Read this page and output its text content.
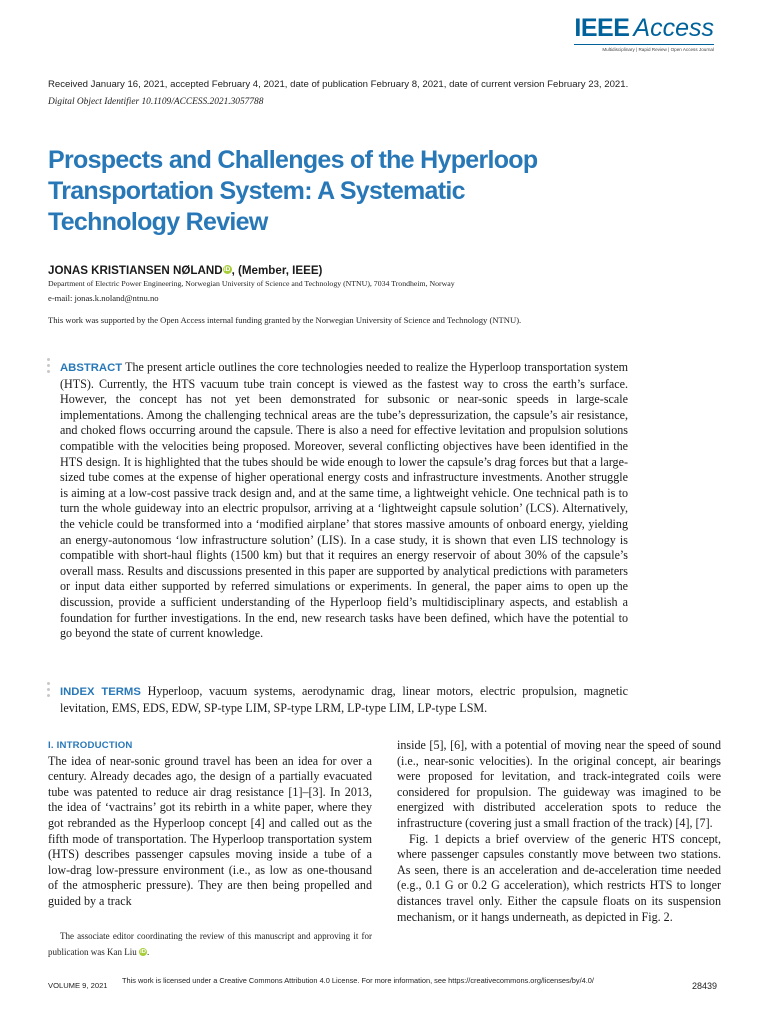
IEEE Access
Multidisciplinary | Rapid Review | Open Access Journal
Received January 16, 2021, accepted February 4, 2021, date of publication February 8, 2021, date of current version February 23, 2021.
Digital Object Identifier 10.1109/ACCESS.2021.3057788
Prospects and Challenges of the Hyperloop
Transportation System: A Systematic
Technology Review
JONAS KRISTIANSEN NØLANDiD, (Member, IEEE)
Department of Electric Power Engineering, Norwegian University of Science and Technology (NTNU), 7034 Trondheim, Norway
e-mail: jonas.k.noland@ntnu.no
This work was supported by the Open Access internal funding granted by the Norwegian University of Science and Technology (NTNU).
ABSTRACT The present article outlines the core technologies needed to realize the Hyperloop transportation system (HTS). Currently, the HTS vacuum tube train concept is viewed as the fastest way to cross the earth’s surface. However, the concept has not yet been demonstrated for subsonic or near-sonic speeds in large-scale implementations. Among the challenging technical areas are the tube’s depressurization, the capsule’s air resistance, and choked flows occurring around the capsule. There is also a need for effective levitation and propulsion solutions compatible with the velocities being proposed. Moreover, several conflicting objectives have been identified in the HTS design. It is highlighted that the tubes should be wide enough to lower the capsule’s drag forces but that a large-sized tube comes at the expense of higher operational energy costs and infrastructure investments. Another struggle is aiming at a low-cost passive track design and, and at the same time, a lightweight vehicle. One technical path is to turn the whole guideway into an electric propulsor, arriving at a ‘lightweight capsule solution’ (LCS). Alternatively, the vehicle could be transformed into a ‘modified airplane’ that stores massive amounts of onboard energy, yielding an energy-autonomous ‘low infrastructure solution’ (LIS). In a case study, it is shown that even LIS technology is compatible with short-haul flights (1500 km) but that it requires an energy reservoir of about 30% of the capsule’s overall mass. Results and discussions presented in this paper are supported by analytical predictions with parameters or input data either supported by referred simulations or experiments. In general, the paper aims to open up the discussion, provide a sufficient understanding of the Hyperloop field’s multidisciplinary aspects, and establish a foundation for further investigations. In the end, new research tasks have been defined, which have the potential to go beyond the state of current knowledge.
INDEX TERMS Hyperloop, vacuum systems, aerodynamic drag, linear motors, electric propulsion, magnetic levitation, EMS, EDS, EDW, SP-type LIM, SP-type LRM, LP-type LIM, LP-type LSM.
I. INTRODUCTION
The idea of near-sonic ground travel has been an idea for over a century. Already decades ago, the design of a partially evacuated tube was patented to reduce air drag resistance [1]–[3]. In 2013, the idea of ‘vactrains’ got its rebirth in a white paper, where they got rebranded as the Hyperloop concept [4] and called out as the fifth mode of transportation. The Hyperloop transportation system (HTS) describes passenger capsules moving inside a tube of a low-drag low-pressure environment (i.e., as low as one-thousand of the atmospheric pressure). They are then being propelled and guided by a track
inside [5], [6], with a potential of moving near the speed of sound (i.e., near-sonic velocities). In the original concept, air bearings were proposed for levitation, and track-integrated coils were considered for propulsion. The guideway was imagined to be energized with distributed acceleration spots to reduce the infrastructure (covering just a small fraction of the track) [4], [7].
Fig. 1 depicts a brief overview of the generic HTS concept, where passenger capsules constantly move between two stations. As seen, there is an acceleration and de-acceleration time needed (e.g., 0.1 G or 0.2 G acceleration), which restricts HTS to longer distances travel only. Either the capsule floats on its suspension mechanism, or it hangs underneath, as depicted in Fig. 2.
The associate editor coordinating the review of this manuscript and approving it for publication was Kan Liu iD.
VOLUME 9, 2021
This work is licensed under a Creative Commons Attribution 4.0 License. For more information, see https://creativecommons.org/licenses/by/4.0/
28439
